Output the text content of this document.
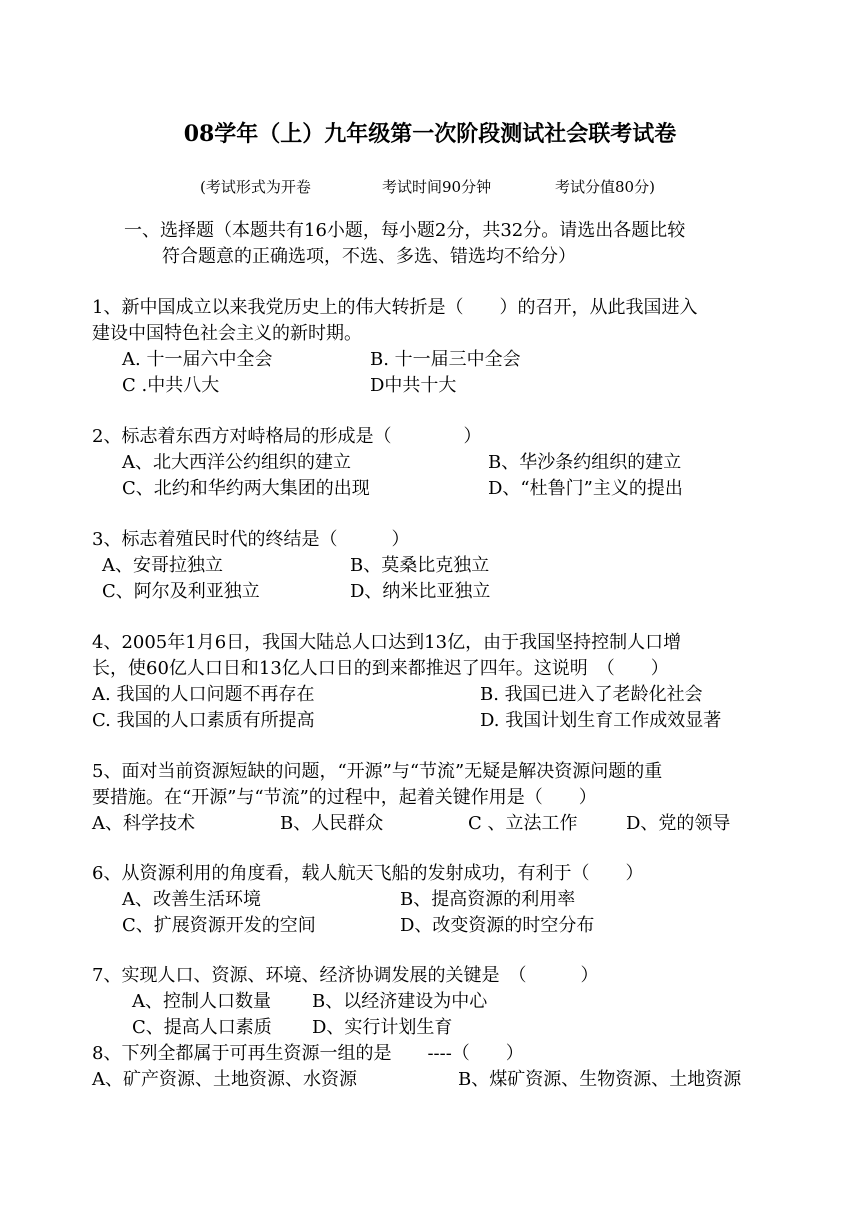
08学年（上）九年级第一次阶段测试社会联考试卷
(考试形式为开卷	考试时间90分钟	考试分值80分)
一、选择题（本题共有16小题，每小题2分，共32分。请选出各题比较
符合题意的正确选项，不选、多选、错选均不给分）
1、新中国成立以来我党历史上的伟大转折是（　　）的召开，从此我国进入
建设中国特色社会主义的新时期。
A. 十一届六中全会	B. 十一届三中全会
C .中共八大	D中共十大
2、标志着东西方对峙格局的形成是（　　　　）
A、北大西洋公约组织的建立	B、华沙条约组织的建立
C、北约和华约两大集团的出现	D、“杜鲁门”主义的提出
3、标志着殖民时代的终结是（　　　）
A、安哥拉独立	B、莫桑比克独立
C、阿尔及利亚独立	D、纳米比亚独立
4、2005年1月6日，我国大陆总人口达到13亿，由于我国坚持控制人口增
长，使60亿人口日和13亿人口日的到来都推迟了四年。这说明　（　　）
A. 我国的人口问题不再存在	B. 我国已进入了老龄化社会
C. 我国的人口素质有所提高	D. 我国计划生育工作成效显著
5、面对当前资源短缺的问题，“开源”与“节流”无疑是解决资源问题的重
要措施。在“开源”与“节流”的过程中，起着关键作用是（　　）
A、科学技术	B、人民群众	C 、立法工作	D、党的领导
6、从资源利用的角度看，载人航天飞船的发射成功，有利于（　　）
A、改善生活环境	B、提高资源的利用率
C、扩展资源开发的空间	D、改变资源的时空分布
7、实现人口、资源、环境、经济协调发展的关键是　（　　　）
A、控制人口数量 B、以经济建设为中心
C、提高人口素质 D、实行计划生育
8、下列全都属于可再生资源一组的是　　----（　　）
A、矿产资源、土地资源、水资源	B、煤矿资源、生物资源、土地资源
